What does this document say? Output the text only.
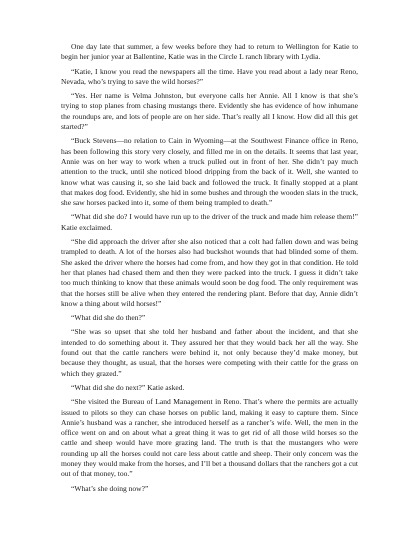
One day late that summer, a few weeks before they had to return to Wellington for Katie to begin her junior year at Ballentine, Katie was in the Circle L ranch library with Lydia.

“Katie, I know you read the newspapers all the time. Have you read about a lady near Reno, Nevada, who’s trying to save the wild horses?”

“Yes. Her name is Velma Johnston, but everyone calls her Annie. All I know is that she’s trying to stop planes from chasing mustangs there. Evidently she has evidence of how inhumane the roundups are, and lots of people are on her side. That’s really all I know. How did all this get started?”

“Buck Stevens—no relation to Cain in Wyoming—at the Southwest Finance office in Reno, has been following this story very closely, and filled me in on the details. It seems that last year, Annie was on her way to work when a truck pulled out in front of her. She didn’t pay much attention to the truck, until she noticed blood dripping from the back of it. Well, she wanted to know what was causing it, so she laid back and followed the truck. It finally stopped at a plant that makes dog food. Evidently, she hid in some bushes and through the wooden slats in the truck, she saw horses packed into it, some of them being trampled to death.”

“What did she do? I would have run up to the driver of the truck and made him release them!” Katie exclaimed.

“She did approach the driver after she also noticed that a colt had fallen down and was being trampled to death. A lot of the horses also had buckshot wounds that had blinded some of them. She asked the driver where the horses had come from, and how they got in that condition. He told her that planes had chased them and then they were packed into the truck. I guess it didn’t take too much thinking to know that these animals would soon be dog food. The only requirement was that the horses still be alive when they entered the rendering plant. Before that day, Annie didn’t know a thing about wild horses!”

“What did she do then?”

“She was so upset that she told her husband and father about the incident, and that she intended to do something about it. They assured her that they would back her all the way. She found out that the cattle ranchers were behind it, not only because they’d make money, but because they thought, as usual, that the horses were competing with their cattle for the grass on which they grazed.”

“What did she do next?” Katie asked.

“She visited the Bureau of Land Management in Reno. That’s where the permits are actually issued to pilots so they can chase horses on public land, making it easy to capture them. Since Annie’s husband was a rancher, she introduced herself as a rancher’s wife. Well, the men in the office went on and on about what a great thing it was to get rid of all those wild horses so the cattle and sheep would have more grazing land. The truth is that the mustangers who were rounding up all the horses could not care less about cattle and sheep. Their only concern was the money they would make from the horses, and I’ll bet a thousand dollars that the ranchers got a cut out of that money, too.”

“What’s she doing now?”
